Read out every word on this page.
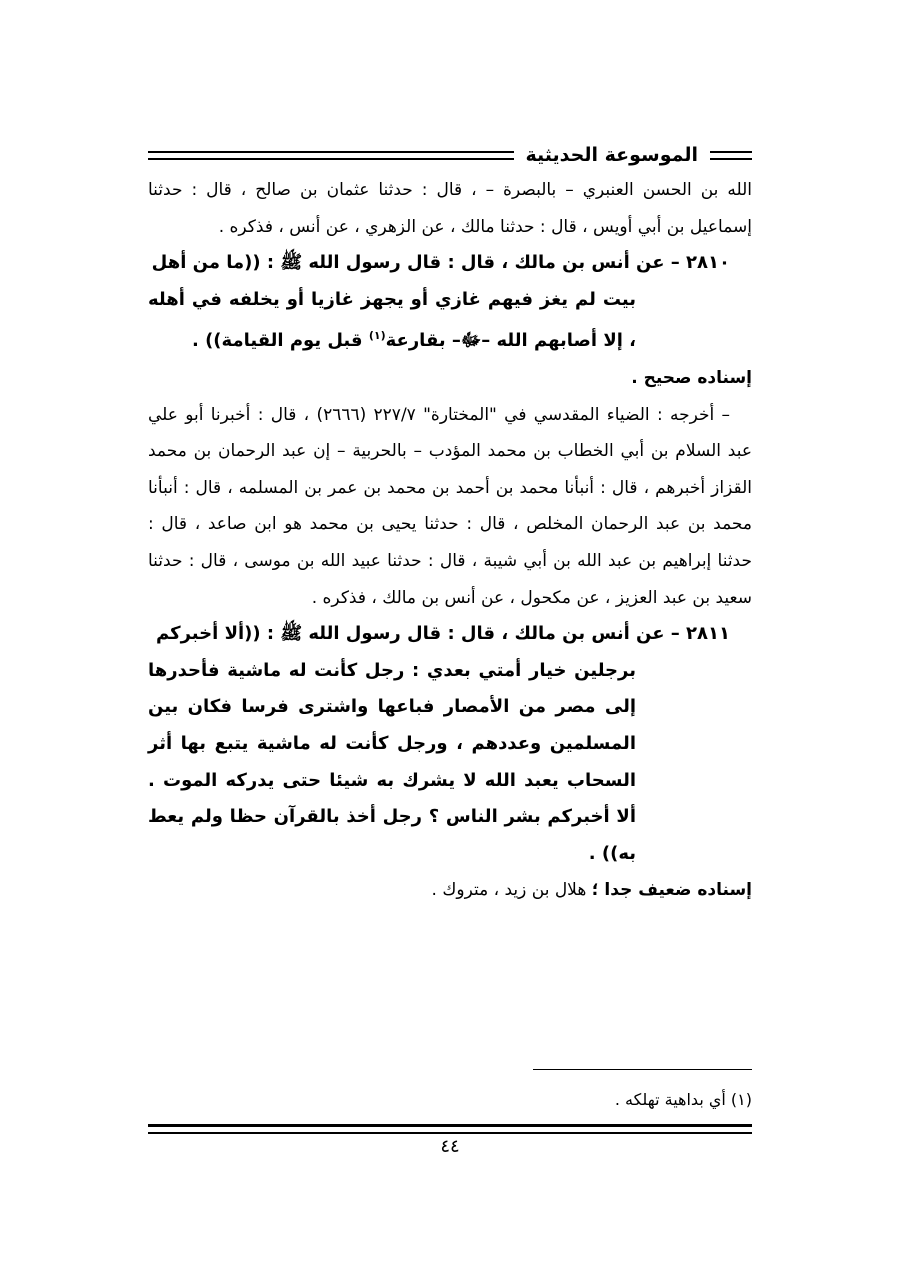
الموسوعة الحديثية

الله بن الحسن العنبري – بالبصرة – ، قال : حدثنا عثمان بن صالح ، قال : حدثنا إسماعيل بن أبي أويس ، قال : حدثنا مالك ، عن الزهري ، عن أنس ، فذكره .

٢٨١٠ – عن أنس بن مالك ، قال : قال رسول الله ﷺ : ((ما من أهل

بيت لم يغز فيهم غازي أو يجهز غازيا أو يخلفه في أهله ، إلا أصابهم الله –ﷻ– بقارعة$^{(١)}$ قبل يوم القيامة)) .

إسناده صحيح .

– أخرجه : الضياء المقدسي في "المختارة" ٢٢٧/٧ (٢٦٦٦) ، قال : أخبرنا أبو علي عبد السلام بن أبي الخطاب بن محمد المؤدب – بالحربية – إن عبد الرحمان بن محمد القزاز أخبرهم ، قال : أنبأنا محمد بن أحمد بن محمد بن عمر بن المسلمه ، قال : أنبأنا محمد بن عبد الرحمان المخلص ، قال : حدثنا يحيى بن محمد هو ابن صاعد ، قال : حدثنا إبراهيم بن عبد الله بن أبي شيبة ، قال : حدثنا عبيد الله بن موسى ، قال : حدثنا سعيد بن عبد العزيز ، عن مكحول ، عن أنس بن مالك ، فذكره .

٢٨١١ – عن أنس بن مالك ، قال : قال رسول الله ﷺ : ((ألا أخبركم

برجلين خيار أمتي بعدي : رجل كأنت له ماشية فأحدرها إلى مصر من الأمصار فباعها واشترى فرسا فكان بين المسلمين وعددهم ، ورجل كأنت له ماشية يتبع بها أثر السحاب يعبد الله لا يشرك به شيئا حتى يدركه الموت . ألا أخبركم بشر الناس ؟ رجل أخذ بالقرآن حظا ولم يعط به)) .

إسناده ضعيف جدا ؛ هلال بن زيد ، متروك .

(١) أي بداهية تهلكه .
٤٤
